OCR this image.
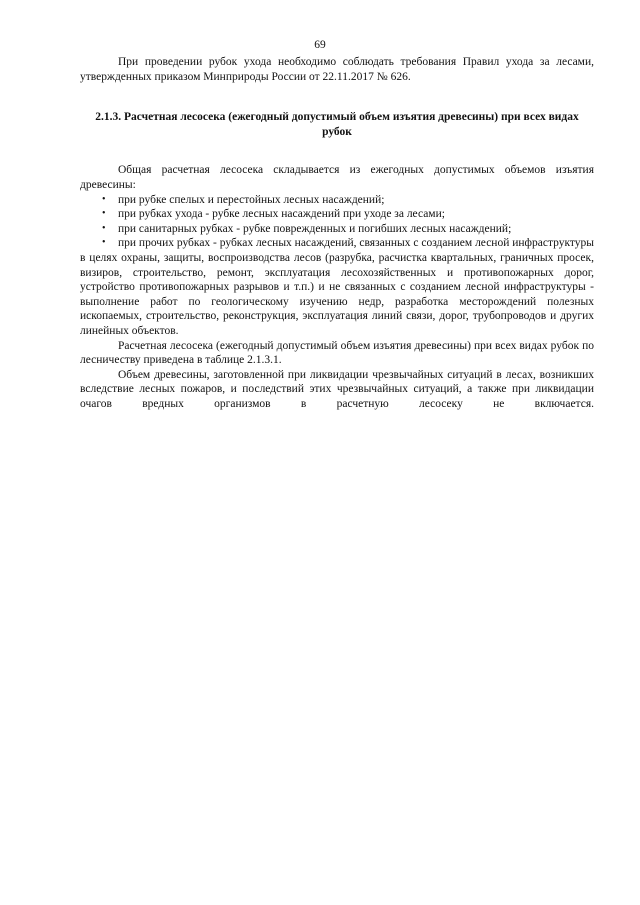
69

При проведении рубок ухода необходимо соблюдать требования Правил ухода за лесами, утвержденных приказом Минприроды России от 22.11.2017 № 626.

2.1.3. Расчетная лесосека (ежегодный допустимый объем изъятия древесины) при всех видах рубок

Общая расчетная лесосека складывается из ежегодных допустимых объемов изъятия древесины:

• при рубке спелых и перестойных лесных насаждений;
• при рубках ухода - рубке лесных насаждений при уходе за лесами;
• при санитарных рубках - рубке поврежденных и погибших лесных насаждений;
• при прочих рубках - рубках лесных насаждений, связанных с созданием лесной инфраструктуры в целях охраны, защиты, воспроизводства лесов (разрубка, расчистка квартальных, граничных просек, визиров, строительство, ремонт, эксплуатация лесохозяйственных и противопожарных дорог, устройство противопожарных разрывов и т.п.) и не связанных с созданием лесной инфраструктуры - выполнение работ по геологическому изучению недр, разработка месторождений полезных ископаемых, строительство, реконструкция, эксплуатация линий связи, дорог, трубопроводов и других линейных объектов.

Расчетная лесосека (ежегодный допустимый объем изъятия древесины) при всех видах рубок по лесничеству приведена в таблице 2.1.3.1.

Объем древесины, заготовленной при ликвидации чрезвычайных ситуаций в лесах, возникших вследствие лесных пожаров, и последствий этих чрезвычайных ситуаций, а также при ликвидации очагов вредных организмов в расчетную лесосеку не включается.
